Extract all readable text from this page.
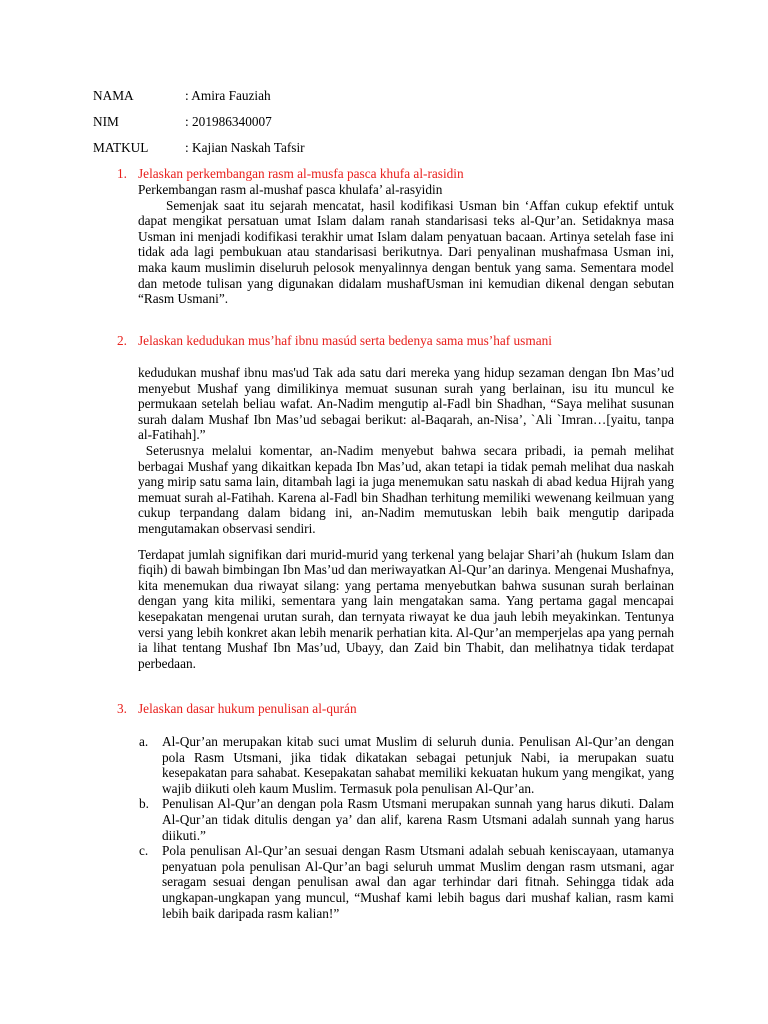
NAMA	: Amira Fauziah
NIM	: 201986340007
MATKUL	: Kajian Naskah Tafsir
1. Jelaskan perkembangan rasm al-musfa pasca khufa al-rasidin

Perkembangan rasm al-mushaf pasca khulafa’ al-rasyidin

Semenjak saat itu sejarah mencatat, hasil kodifikasi Usman bin ‘Affan cukup efektif untuk dapat mengikat persatuan umat Islam dalam ranah standarisasi teks al-Qur’an. Setidaknya masa Usman ini menjadi kodifikasi terakhir umat Islam dalam penyatuan bacaan. Artinya setelah fase ini tidak ada lagi pembukuan atau standarisasi berikutnya. Dari penyalinan mushafmasa Usman ini, maka kaum muslimin diseluruh pelosok menyalinnya dengan bentuk yang sama. Sementara model dan metode tulisan yang digunakan didalam mushafUsman ini kemudian dikenal dengan sebutan “Rasm Usmani”.

2. Jelaskan kedudukan mus’haf ibnu masúd serta bedenya sama mus’haf usmani

kedudukan mushaf ibnu mas'ud Tak ada satu dari mereka yang hidup sezaman dengan Ibn Mas’ud menyebut Mushaf yang dimilikinya memuat susunan surah yang berlainan, isu itu muncul ke permukaan setelah beliau wafat. An-Nadim mengutip al-Fadl bin Shadhan, “Saya melihat susunan surah dalam Mushaf Ibn Mas’ud sebagai berikut: al-Baqarah, an-Nisa’, `Ali `Imran…[yaitu, tanpa al-Fatihah].”

Seterusnya melalui komentar, an-Nadim menyebut bahwa secara pribadi, ia pemah melihat berbagai Mushaf yang dikaitkan kepada Ibn Mas’ud, akan tetapi ia tidak pemah melihat dua naskah yang mirip satu sama lain, ditambah lagi ia juga menemukan satu naskah di abad kedua Hijrah yang memuat surah al-Fatihah. Karena al-Fadl bin Shadhan terhitung memiliki wewenang keilmuan yang cukup terpandang dalam bidang ini, an-Nadim memutuskan lebih baik mengutip daripada mengutamakan observasi sendiri.

Terdapat jumlah signifikan dari murid-murid yang terkenal yang belajar Shari’ah (hukum Islam dan fiqih) di bawah bimbingan Ibn Mas’ud dan meriwayatkan Al-Qur’an darinya. Mengenai Mushafnya, kita menemukan dua riwayat silang: yang pertama menyebutkan bahwa susunan surah berlainan dengan yang kita miliki, sementara yang lain mengatakan sama. Yang pertama gagal mencapai kesepakatan mengenai urutan surah, dan ternyata riwayat ke dua jauh lebih meyakinkan. Tentunya versi yang lebih konkret akan lebih menarik perhatian kita. Al-Qur’an memperjelas apa yang pernah ia lihat tentang Mushaf Ibn Mas’ud, Ubayy, dan Zaid bin Thabit, dan melihatnya tidak terdapat perbedaan.

3. Jelaskan dasar hukum penulisan al-qurán
a. Al-Qur’an merupakan kitab suci umat Muslim di seluruh dunia. Penulisan Al-Qur’an dengan pola Rasm Utsmani, jika tidak dikatakan sebagai petunjuk Nabi, ia merupakan suatu kesepakatan para sahabat. Kesepakatan sahabat memiliki kekuatan hukum yang mengikat, yang wajib diikuti oleh kaum Muslim. Termasuk pola penulisan Al-Qur’an.
b. Penulisan Al-Qur’an dengan pola Rasm Utsmani merupakan sunnah yang harus dikuti. Dalam Al-Qur’an tidak ditulis dengan ya’ dan alif, karena Rasm Utsmani adalah sunnah yang harus diikuti.”
c. Pola penulisan Al-Qur’an sesuai dengan Rasm Utsmani adalah sebuah keniscayaan, utamanya penyatuan pola penulisan Al-Qur’an bagi seluruh ummat Muslim dengan rasm utsmani, agar seragam sesuai dengan penulisan awal dan agar terhindar dari fitnah. Sehingga tidak ada ungkapan-ungkapan yang muncul, “Mushaf kami lebih bagus dari mushaf kalian, rasm kami lebih baik daripada rasm kalian!”
